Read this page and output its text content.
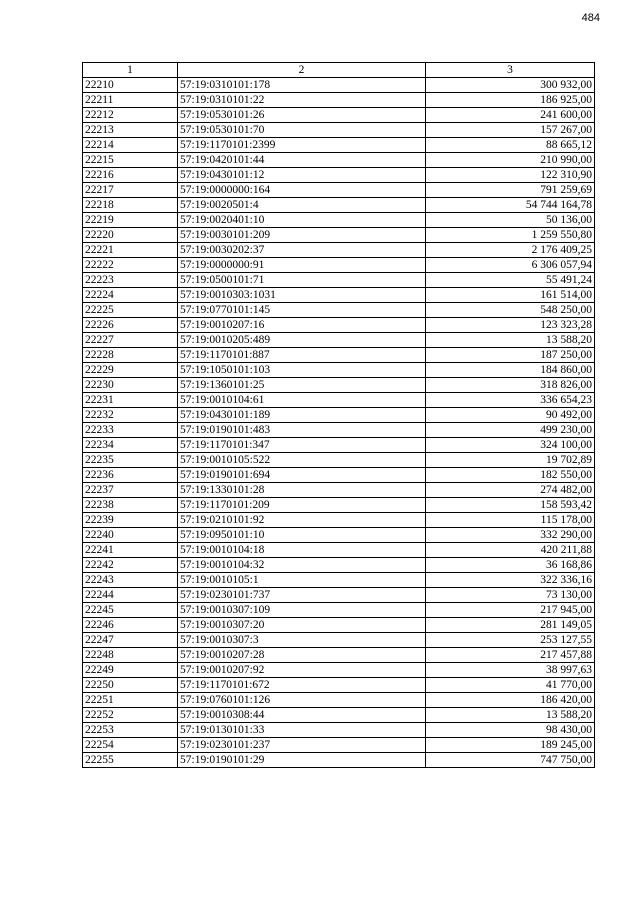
484
1	2	3
22210	57:19:0310101:178	300 932,00
22211	57:19:0310101:22	186 925,00
22212	57:19:0530101:26	241 600,00
22213	57:19:0530101:70	157 267,00
22214	57:19:1170101:2399	88 665,12
22215	57:19:0420101:44	210 990,00
22216	57:19:0430101:12	122 310,90
22217	57:19:0000000:164	791 259,69
22218	57:19:0020501:4	54 744 164,78
22219	57:19:0020401:10	50 136,00
22220	57:19:0030101:209	1 259 550,80
22221	57:19:0030202:37	2 176 409,25
22222	57:19:0000000:91	6 306 057,94
22223	57:19:0500101:71	55 491,24
22224	57:19:0010303:1031	161 514,00
22225	57:19:0770101:145	548 250,00
22226	57:19:0010207:16	123 323,28
22227	57:19:0010205:489	13 588,20
22228	57:19:1170101:887	187 250,00
22229	57:19:1050101:103	184 860,00
22230	57:19:1360101:25	318 826,00
22231	57:19:0010104:61	336 654,23
22232	57:19:0430101:189	90 492,00
22233	57:19:0190101:483	499 230,00
22234	57:19:1170101:347	324 100,00
22235	57:19:0010105:522	19 702,89
22236	57:19:0190101:694	182 550,00
22237	57:19:1330101:28	274 482,00
22238	57:19:1170101:209	158 593,42
22239	57:19:0210101:92	115 178,00
22240	57:19:0950101:10	332 290,00
22241	57:19:0010104:18	420 211,88
22242	57:19:0010104:32	36 168,86
22243	57:19:0010105:1	322 336,16
22244	57:19:0230101:737	73 130,00
22245	57:19:0010307:109	217 945,00
22246	57:19:0010307:20	281 149,05
22247	57:19:0010307:3	253 127,55
22248	57:19:0010207:28	217 457,88
22249	57:19:0010207:92	38 997,63
22250	57:19:1170101:672	41 770,00
22251	57:19:0760101:126	186 420,00
22252	57:19:0010308:44	13 588,20
22253	57:19:0130101:33	98 430,00
22254	57:19:0230101:237	189 245,00
22255	57:19:0190101:29	747 750,00
